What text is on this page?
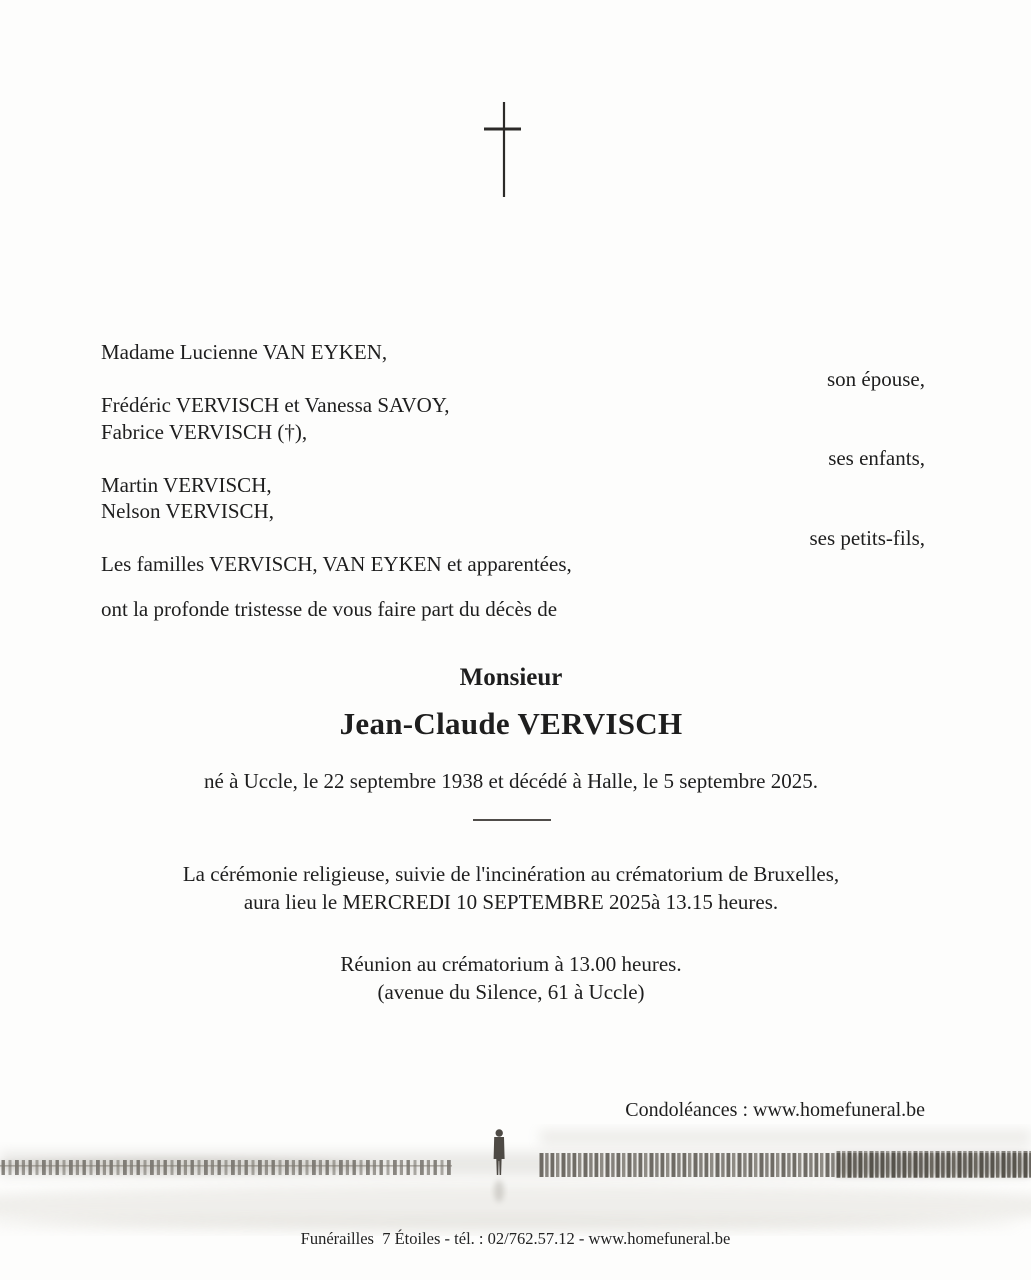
Madame Lucienne VAN EYKEN,

son épouse,

Frédéric VERVISCH et Vanessa SAVOY,

Fabrice VERVISCH (†),

ses enfants,

Martin VERVISCH,

Nelson VERVISCH,

ses petits-fils,

Les familles VERVISCH, VAN EYKEN et apparentées,

ont la profonde tristesse de vous faire part du décès de

Monsieur

Jean-Claude VERVISCH

né à Uccle, le 22 septembre 1938 et décédé à Halle, le 5 septembre 2025.

La cérémonie religieuse, suivie de l'incinération au crématorium de Bruxelles,

aura lieu le MERCREDI 10 SEPTEMBRE 2025à 13.15 heures.

Réunion au crématorium à 13.00 heures.

(avenue du Silence, 61 à Uccle)

Condoléances : www.homefuneral.be

Funérailles  7 Étoiles - tél. : 02/762.57.12 - www.homefuneral.be
